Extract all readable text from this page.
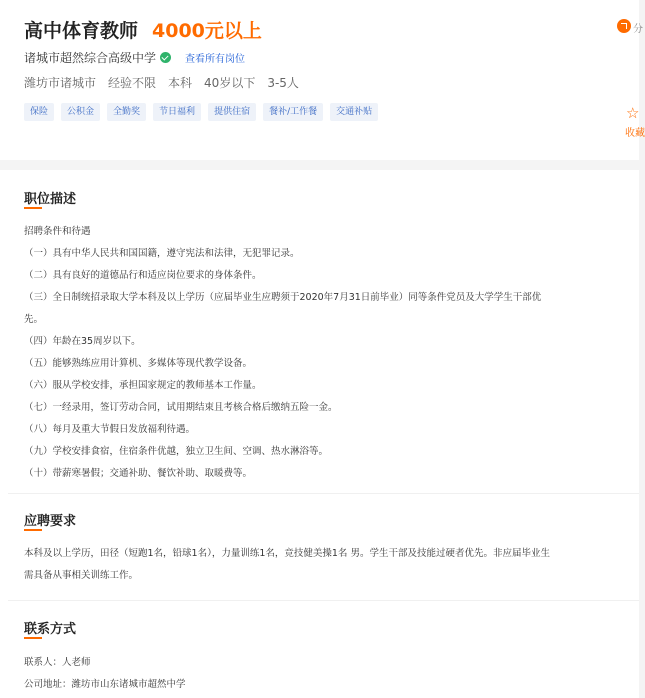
高中体育教师 4000元以上
诸城市超然综合高级中学	查看所有岗位
潍坊市诸城市 经验不限 本科 40岁以下 3-5人
保险	公积金	全勤奖	节日福利	提供住宿	餐补/工作餐	交通补贴
分
☆
收藏
职位描述
招聘条件和待遇
（一）具有中华人民共和国国籍，遵守宪法和法律，无犯罪记录。
（二）具有良好的道德品行和适应岗位要求的身体条件。
（三）全日制统招录取大学本科及以上学历（应届毕业生应聘须于2020年7月31日前毕业）同等条件党员及大学学生干部优
先。
（四）年龄在35周岁以下。
（五）能够熟练应用计算机、多媒体等现代教学设备。
（六）服从学校安排，承担国家规定的教师基本工作量。
（七）一经录用，签订劳动合同，试用期结束且考核合格后缴纳五险一金。
（八）每月及重大节假日发放福利待遇。
（九）学校安排食宿，住宿条件优越，独立卫生间、空调、热水淋浴等。
（十）带薪寒暑假；交通补助、餐饮补助、取暖费等。
应聘要求
本科及以上学历，田径（短跑1名，铅球1名），力量训练1名，竞技健美操1名 男。学生干部及技能过硬者优先。非应届毕业生
需具备从事相关训练工作。
联系方式
联系人：人老师
公司地址：潍坊市山东诸城市超然中学
